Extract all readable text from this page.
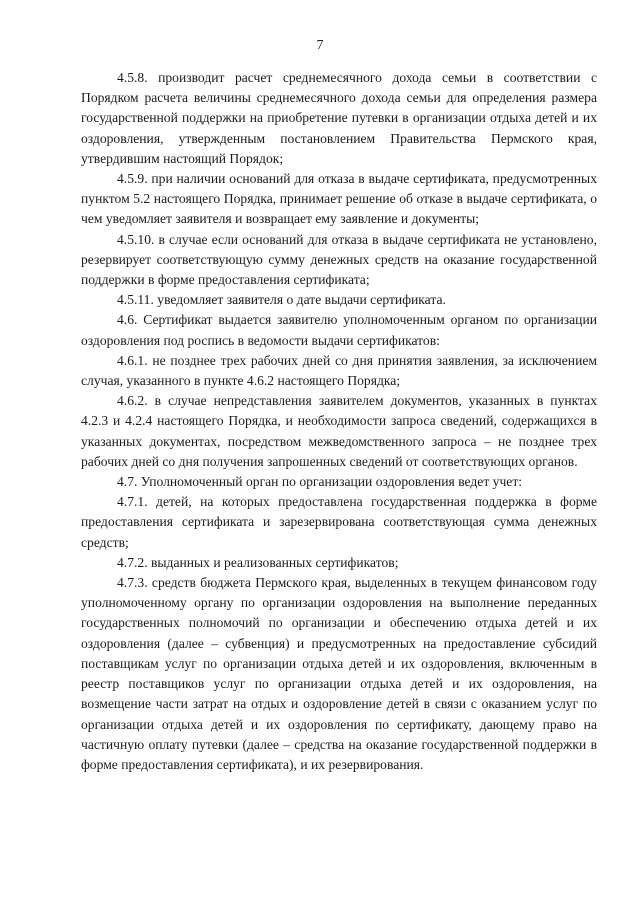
7

4.5.8. производит расчет среднемесячного дохода семьи в соответствии с Порядком расчета величины среднемесячного дохода семьи для определения размера государственной поддержки на приобретение путевки в организации отдыха детей и их оздоровления, утвержденным постановлением Правительства Пермского края, утвердившим настоящий Порядок;

4.5.9. при наличии оснований для отказа в выдаче сертификата, предусмотренных пунктом 5.2 настоящего Порядка, принимает решение об отказе в выдаче сертификата, о чем уведомляет заявителя и возвращает ему заявление и документы;

4.5.10. в случае если оснований для отказа в выдаче сертификата не установлено, резервирует соответствующую сумму денежных средств на оказание государственной поддержки в форме предоставления сертификата;

4.5.11. уведомляет заявителя о дате выдачи сертификата.

4.6. Сертификат выдается заявителю уполномоченным органом по организации оздоровления под роспись в ведомости выдачи сертификатов:

4.6.1. не позднее трех рабочих дней со дня принятия заявления, за исключением случая, указанного в пункте 4.6.2 настоящего Порядка;

4.6.2. в случае непредставления заявителем документов, указанных в пунктах 4.2.3 и 4.2.4 настоящего Порядка, и необходимости запроса сведений, содержащихся в указанных документах, посредством межведомственного запроса – не позднее трех рабочих дней со дня получения запрошенных сведений от соответствующих органов.

4.7. Уполномоченный орган по организации оздоровления ведет учет:

4.7.1. детей, на которых предоставлена государственная поддержка в форме предоставления сертификата и зарезервирована соответствующая сумма денежных средств;

4.7.2. выданных и реализованных сертификатов;

4.7.3. средств бюджета Пермского края, выделенных в текущем финансовом году уполномоченному органу по организации оздоровления на выполнение переданных государственных полномочий по организации и обеспечению отдыха детей и их оздоровления (далее – субвенция) и предусмотренных на предоставление субсидий поставщикам услуг по организации отдыха детей и их оздоровления, включенным в реестр поставщиков услуг по организации отдыха детей и их оздоровления, на возмещение части затрат на отдых и оздоровление детей в связи с оказанием услуг по организации отдыха детей и их оздоровления по сертификату, дающему право на частичную оплату путевки (далее – средства на оказание государственной поддержки в форме предоставления сертификата), и их резервирования.
